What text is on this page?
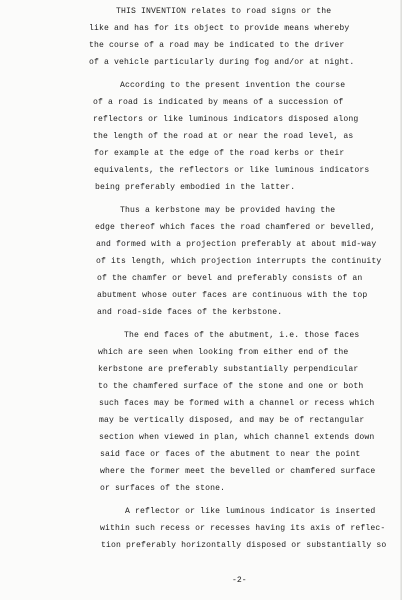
THIS INVENTION relates to road signs or the
like and has for its object to provide means whereby
the course of a road may be indicated to the driver
of a vehicle particularly during fog and/or at night.
According to the present invention the course
of a road is indicated by means of a succession of
reflectors or like luminous indicators disposed along
the length of the road at or near the road level, as
for example at the edge of the road kerbs or their
equivalents, the reflectors or like luminous indicators
being preferably embodied in the latter.
Thus a kerbstone may be provided having the
edge thereof which faces the road chamfered or bevelled,
and formed with a projection preferably at about mid-way
of its length, which projection interrupts the continuity
of the chamfer or bevel and preferably consists of an
abutment whose outer faces are continuous with the top
and road-side faces of the kerbstone.
The end faces of the abutment, i.e. those faces
which are seen when looking from either end of the
kerbstone are preferably substantially perpendicular
to the chamfered surface of the stone and one or both
such faces may be formed with a channel or recess which
may be vertically disposed, and may be of rectangular
section when viewed in plan, which channel extends down
said face or faces of the abutment to near the point
where the former meet the bevelled or chamfered surface
or surfaces of the stone.
A reflector or like luminous indicator is inserted
within such recess or recesses having its axis of reflec-
tion preferably horizontally disposed or substantially so
-2-
